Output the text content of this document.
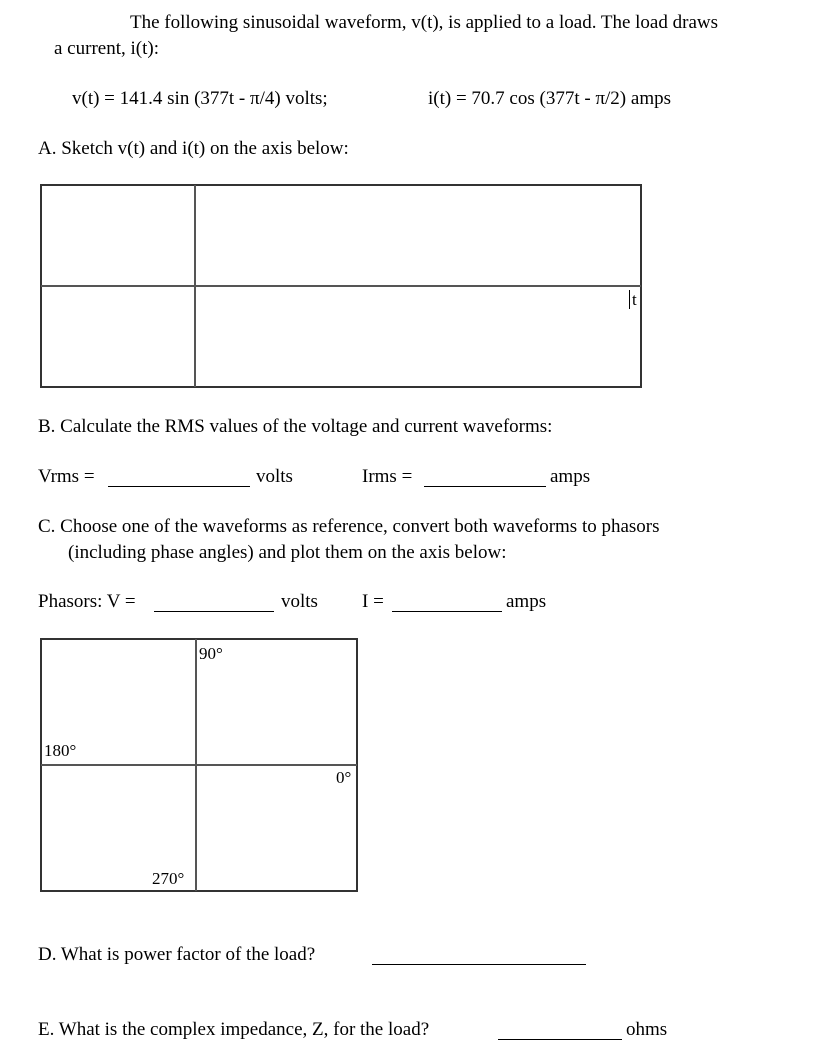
The following sinusoidal waveform, v(t), is applied to a load. The load draws
a current, i(t):
v(t) = 141.4 sin (377t - π/4) volts;	i(t) = 70.7 cos (377t - π/2) amps
A. Sketch v(t) and i(t) on the axis below:
t
B. Calculate the RMS values of the voltage and current waveforms:
Vrms =	volts	Irms =	amps
C. Choose one of the waveforms as reference, convert both waveforms to phasors
(including phase angles) and plot them on the axis below:
Phasors: V =	volts I =	amps
90°
180°
0°
270°
D. What is power factor of the load?
E. What is the complex impedance, Z, for the load?	ohms
